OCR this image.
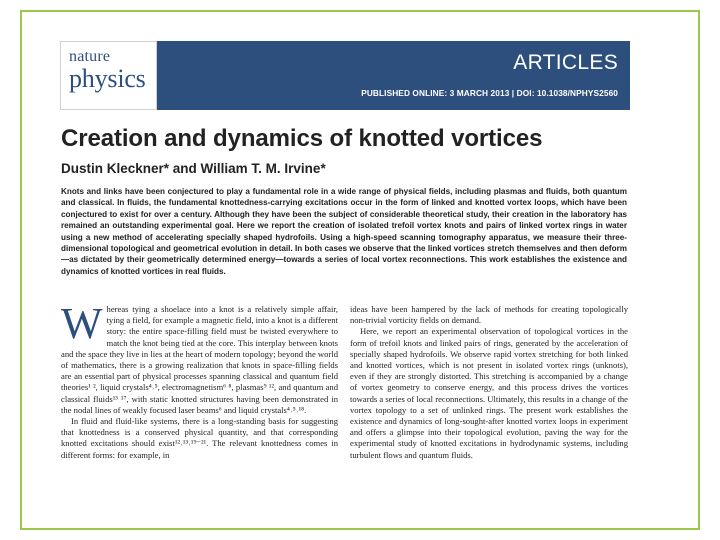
nature
physics
ARTICLES
PUBLISHED ONLINE: 3 MARCH 2013 | DOI: 10.1038/NPHYS2560
Creation and dynamics of knotted vortices
Dustin Kleckner* and William T. M. Irvine*
Knots and links have been conjectured to play a fundamental role in a wide range of physical fields, including plasmas and fluids, both quantum and classical. In fluids, the fundamental knottedness-carrying excitations occur in the form of linked and knotted vortex loops, which have been conjectured to exist for over a century. Although they have been the subject of considerable theoretical study, their creation in the laboratory has remained an outstanding experimental goal. Here we report the creation of isolated trefoil vortex knots and pairs of linked vortex rings in water using a new method of accelerating specially shaped hydrofoils. Using a high-speed scanning tomography apparatus, we measure their three-dimensional topological and geometrical evolution in detail. In both cases we observe that the linked vortices stretch themselves and then deform—as dictated by their geometrically determined energy—towards a series of local vortex reconnections. This work establishes the existence and dynamics of knotted vortices in real fluids.
W hereas tying a shoelace into a knot is a relatively simple affair, tying a field, for example a magnetic field, into a knot is a different story: the entire space-filling field must be twisted everywhere to match the knot being tied at the core. This interplay between knots and the space they live in lies at the heart of modern topology; beyond the world of mathematics, there is a growing realization that knots in space-filling fields are an essential part of physical processes spanning classical and quantum field theories¹ ², liquid crystals⁴˒⁵, electromagnetism⁶ ⁸, plasmas⁹ ¹², and quantum and classical fluids¹³ ¹⁷, with static knotted structures having been demonstrated in the nodal lines of weakly focused laser beams⁶ and liquid crystals⁴˒⁵˒¹⁸.

In fluid and fluid-like systems, there is a long-standing basis for suggesting that knottedness is a conserved physical quantity, and that corresponding knotted excitations should exist¹²˒¹³˒¹⁹⁻²¹. The relevant knottedness comes in different forms: for example, in

ideas have been hampered by the lack of methods for creating topologically non-trivial vorticity fields on demand.

Here, we report an experimental observation of topological vortices in the form of trefoil knots and linked pairs of rings, generated by the acceleration of specially shaped hydrofoils. We observe rapid vortex stretching for both linked and knotted vortices, which is not present in isolated vortex rings (unknots), even if they are strongly distorted. This stretching is accompanied by a change of vortex geometry to conserve energy, and this process drives the vortices towards a series of local reconnections. Ultimately, this results in a change of the vortex topology to a set of unlinked rings. The present work establishes the existence and dynamics of long-sought-after knotted vortex loops in experiment and offers a glimpse into their topological evolution, paving the way for the experimental study of knotted excitations in hydrodynamic systems, including turbulent flows and quantum fluids.
